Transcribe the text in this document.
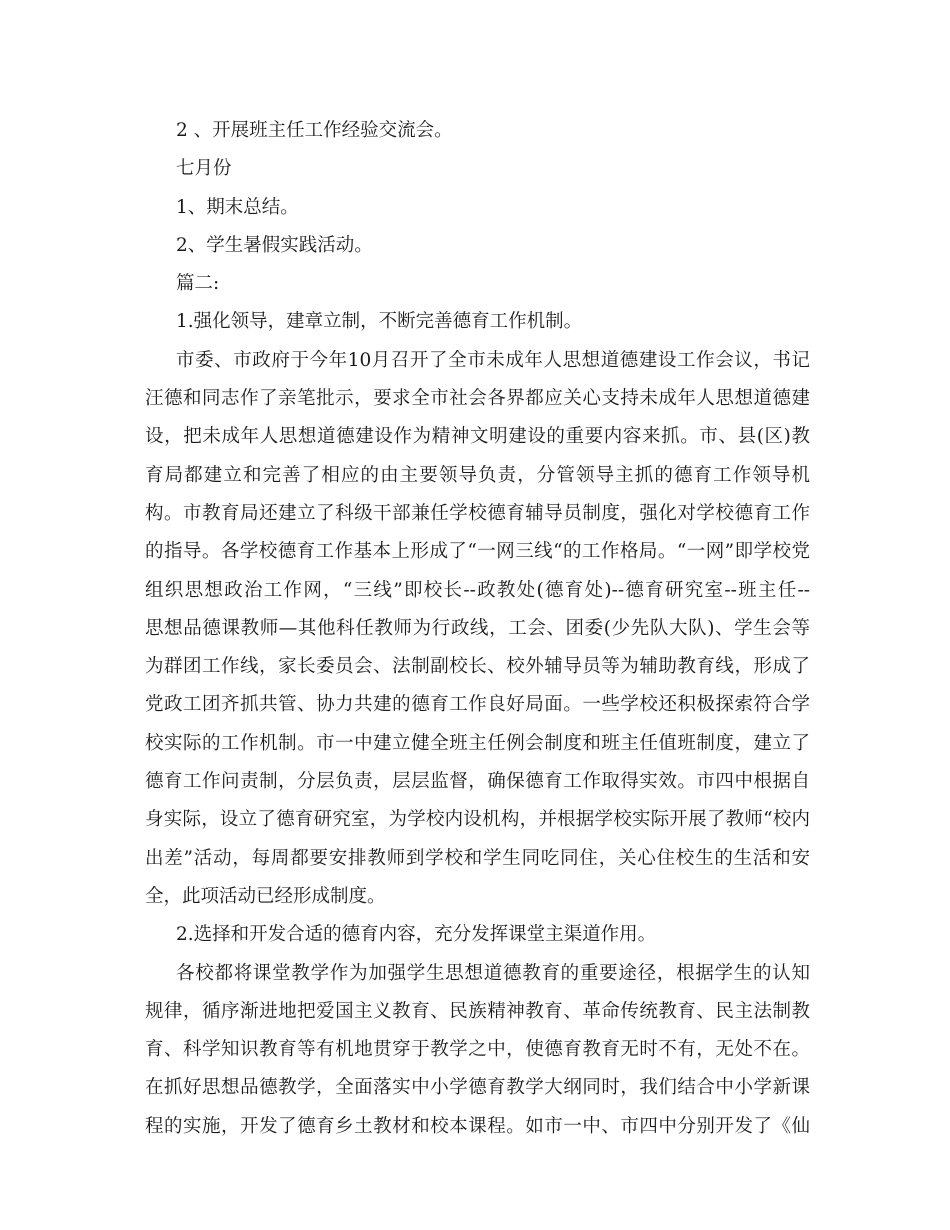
2 、开展班主任工作经验交流会。
七月份
1、期末总结。
2、学生暑假实践活动。
篇二:
1.强化领导，建章立制，不断完善德育工作机制。
市委、市政府于今年10月召开了全市未成年人思想道德建设工作会议，书记
汪德和同志作了亲笔批示，要求全市社会各界都应关心支持未成年人思想道德建
设，把未成年人思想道德建设作为精神文明建设的重要内容来抓。市、县(区)教
育局都建立和完善了相应的由主要领导负责，分管领导主抓的德育工作领导机
构。市教育局还建立了科级干部兼任学校德育辅导员制度，强化对学校德育工作
的指导。各学校德育工作基本上形成了“一网三线“的工作格局。“一网”即学校党
组织思想政治工作网，“三线”即校长--政教处(德育处)--德育研究室--班主任--
思想品德课教师—其他科任教师为行政线，工会、团委(少先队大队)、学生会等
为群团工作线，家长委员会、法制副校长、校外辅导员等为辅助教育线，形成了
党政工团齐抓共管、协力共建的德育工作良好局面。一些学校还积极探索符合学
校实际的工作机制。市一中建立健全班主任例会制度和班主任值班制度，建立了
德育工作问责制，分层负责，层层监督，确保德育工作取得实效。市四中根据自
身实际，设立了德育研究室，为学校内设机构，并根据学校实际开展了教师“校内
出差”活动，每周都要安排教师到学校和学生同吃同住，关心住校生的生活和安
全，此项活动已经形成制度。
2.选择和开发合适的德育内容，充分发挥课堂主渠道作用。
各校都将课堂教学作为加强学生思想道德教育的重要途径，根据学生的认知
规律，循序渐进地把爱国主义教育、民族精神教育、革命传统教育、民主法制教
育、科学知识教育等有机地贯穿于教学之中，使德育教育无时不有，无处不在。
在抓好思想品德教学，全面落实中小学德育教学大纲同时，我们结合中小学新课
程的实施，开发了德育乡土教材和校本课程。如市一中、市四中分别开发了《仙
